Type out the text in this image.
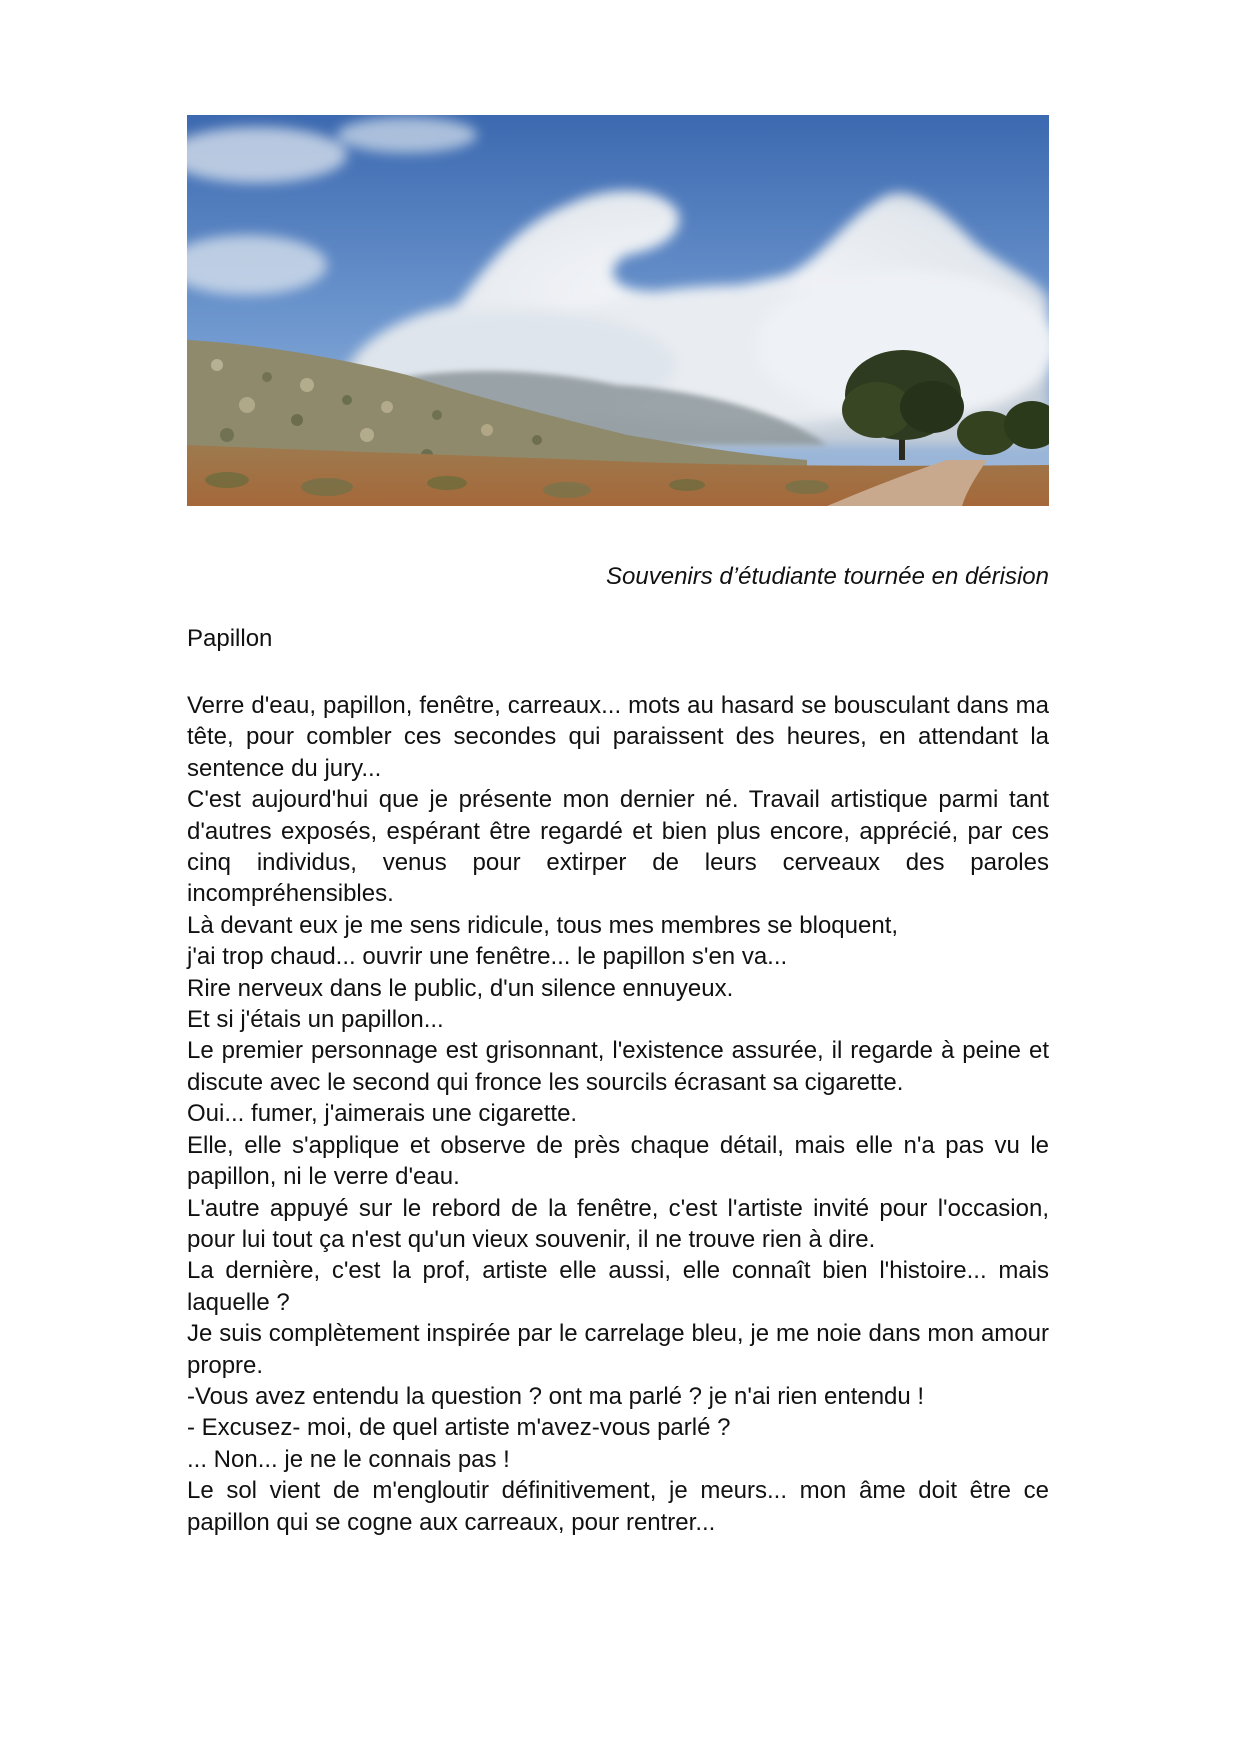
Souvenirs d’étudiante tournée en dérision

Papillon

Verre d'eau, papillon, fenêtre, carreaux... mots au hasard se bousculant dans ma tête, pour combler ces secondes qui paraissent des heures, en attendant la sentence du jury...

C'est aujourd'hui que je présente mon dernier né. Travail artistique parmi tant d'autres exposés, espérant être regardé et bien plus encore, apprécié, par ces cinq individus, venus pour extirper de leurs cerveaux des paroles incompréhensibles.

Là devant eux je me sens ridicule, tous mes membres se bloquent,

j'ai trop chaud... ouvrir une fenêtre... le papillon s'en va...

Rire nerveux dans le public, d'un silence ennuyeux.

Et si j'étais un papillon...

Le premier personnage est grisonnant, l'existence assurée, il regarde à peine et discute avec le second qui fronce les sourcils écrasant sa cigarette.

Oui... fumer, j'aimerais une cigarette.

Elle, elle s'applique et observe de près chaque détail, mais elle n'a pas vu le papillon, ni le verre d'eau.

L'autre appuyé sur le rebord de la fenêtre, c'est l'artiste invité pour l'occasion, pour lui tout ça n'est qu'un vieux souvenir, il ne trouve rien à dire.

La dernière, c'est la prof, artiste elle aussi, elle connaît bien l'histoire... mais laquelle ?

Je suis complètement inspirée par le carrelage bleu, je me noie dans mon amour propre.

-Vous avez entendu la question ? ont ma parlé ? je n'ai rien entendu !

- Excusez- moi, de quel artiste m'avez-vous parlé ?

... Non... je ne le connais pas !

Le sol vient de m'engloutir définitivement, je meurs... mon âme doit être ce papillon qui se cogne aux carreaux, pour rentrer...
